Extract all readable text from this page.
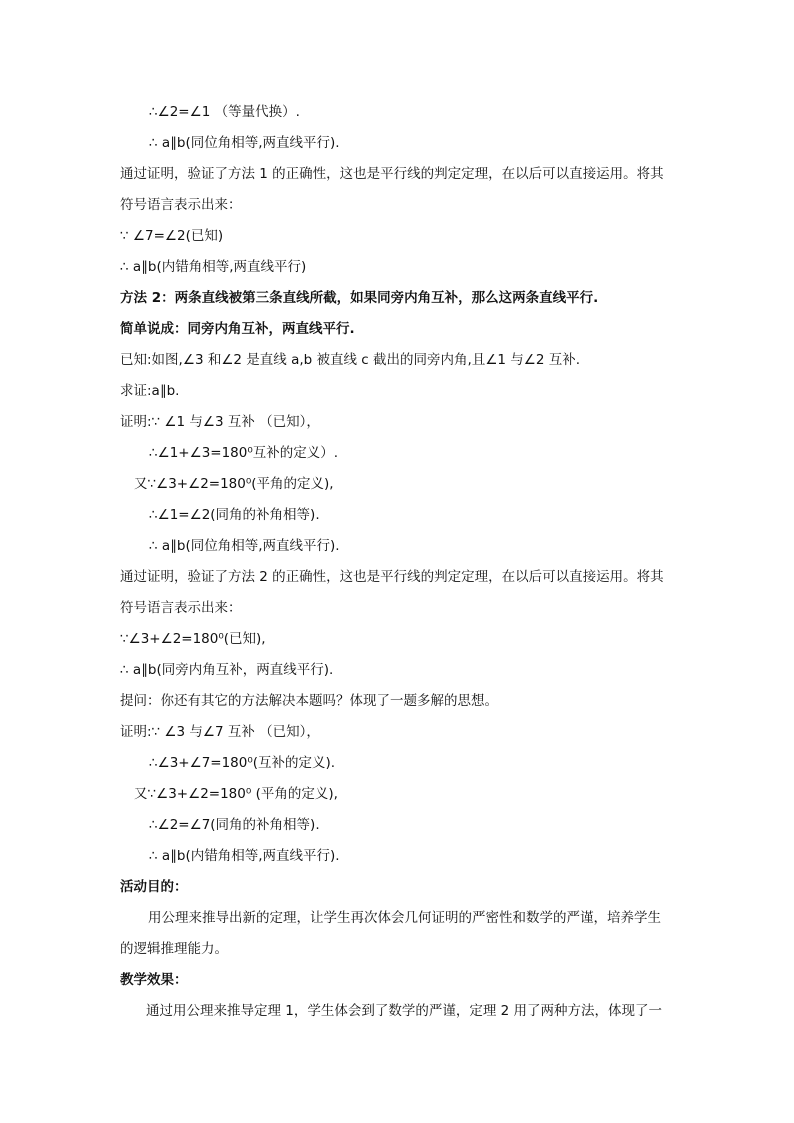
∴∠2=∠1 （等量代换）.
∴ a∥b(同位角相等,两直线平行).
通过证明，验证了方法 1 的正确性，这也是平行线的判定定理，在以后可以直接运用。将其
符号语言表示出来：
∵ ∠7=∠2(已知)
∴ a∥b(内错角相等,两直线平行)
方法 2：两条直线被第三条直线所截，如果同旁内角互补，那么这两条直线平行.
简单说成：同旁内角互补，两直线平行.
已知:如图,∠3 和∠2 是直线 a,b 被直线 c 截出的同旁内角,且∠1 与∠2 互补.
求证:a∥b.
证明:∵ ∠1 与∠3 互补 （已知），
∴∠1+∠3=180⁰互补的定义）.
又∵∠3+∠2=180⁰(平角的定义),
∴∠1=∠2(同角的补角相等).
∴ a∥b(同位角相等,两直线平行).
通过证明，验证了方法 2 的正确性，这也是平行线的判定定理，在以后可以直接运用。将其
符号语言表示出来：
∵∠3+∠2=180⁰(已知),
∴ a∥b(同旁内角互补，两直线平行).
提问：你还有其它的方法解决本题吗？体现了一题多解的思想。
证明:∵ ∠3 与∠7 互补 （已知），
∴∠3+∠7=180⁰(互补的定义).
又∵∠3+∠2=180⁰ (平角的定义),
∴∠2=∠7(同角的补角相等).
∴ a∥b(内错角相等,两直线平行).
活动目的：
用公理来推导出新的定理，让学生再次体会几何证明的严密性和数学的严谨，培养学生
的逻辑推理能力。
教学效果：
通过用公理来推导定理 1，学生体会到了数学的严谨，定理 2 用了两种方法，体现了一
